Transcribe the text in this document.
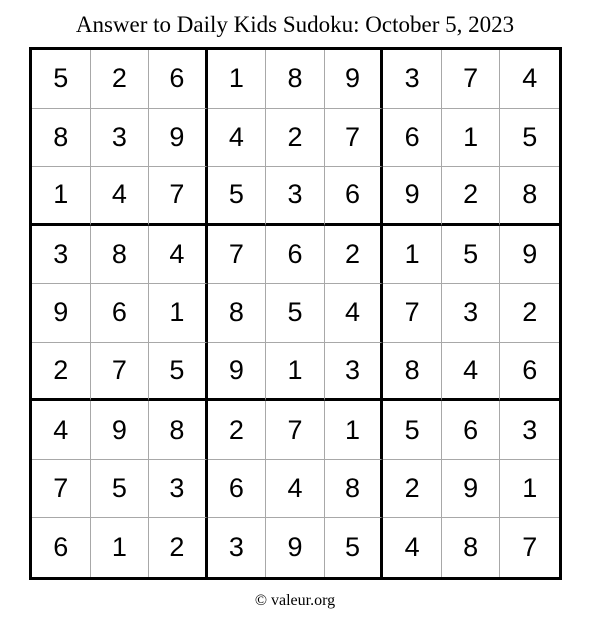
Answer to Daily Kids Sudoku: October 5, 2023
5	2	6	1	8	9	3	7	4
8	3	9	4	2	7	6	1	5
1	4	7	5	3	6	9	2	8
3	8	4	7	6	2	1	5	9
9	6	1	8	5	4	7	3	2
2	7	5	9	1	3	8	4	6
4	9	8	2	7	1	5	6	3
7	5	3	6	4	8	2	9	1
6	1	2	3	9	5	4	8	7
© valeur.org
